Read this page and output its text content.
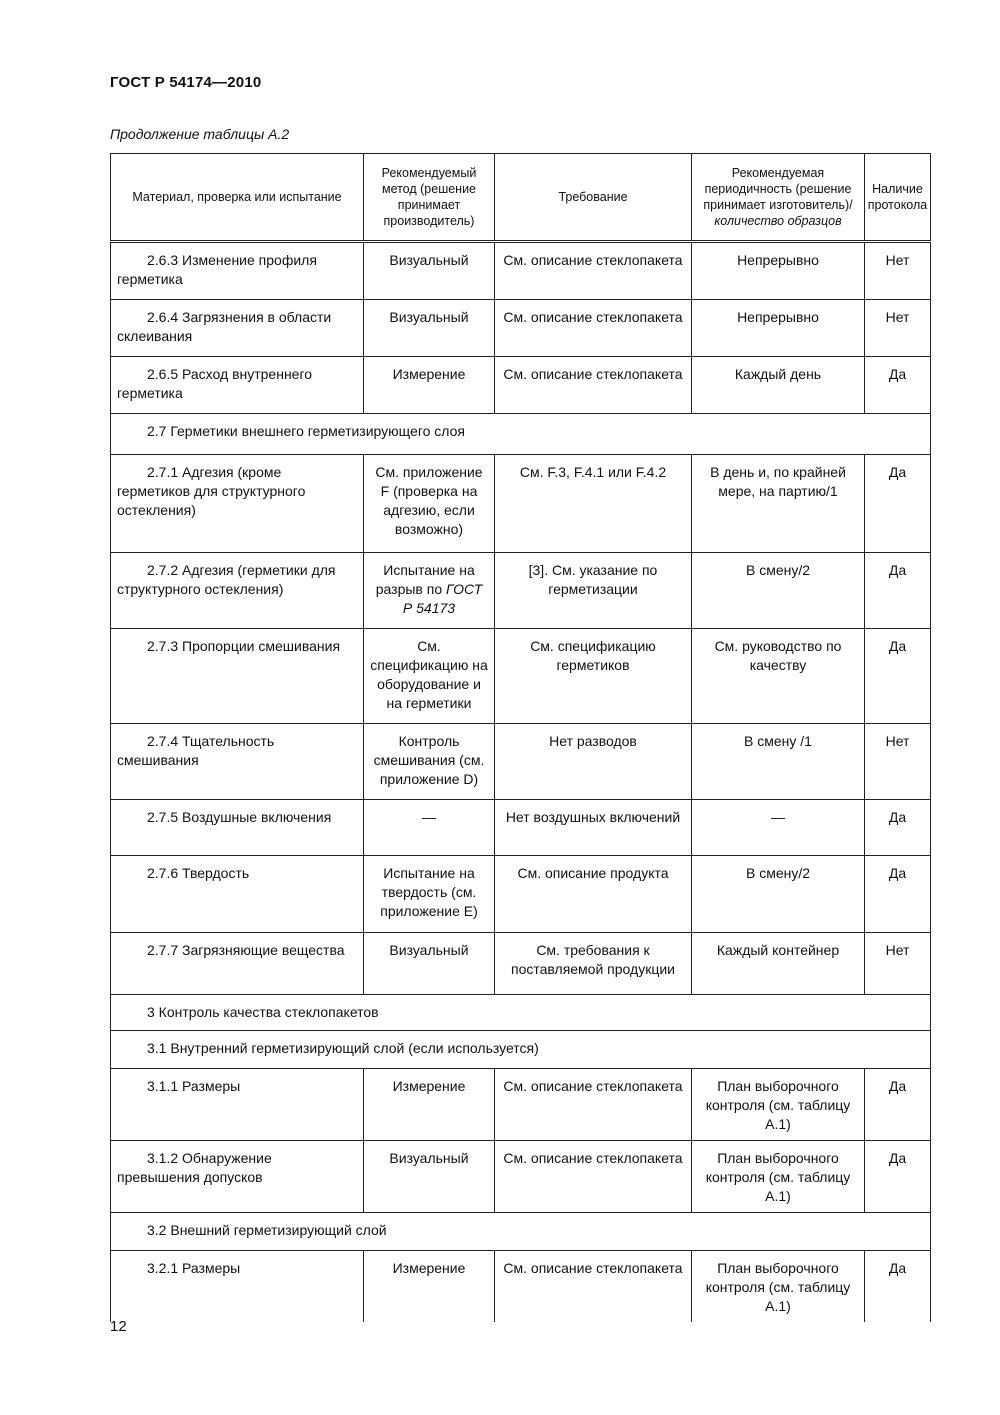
ГОСТ Р 54174—2010
Продолжение таблицы А.2
Материал, проверка или испытание	Рекомендуемый метод (решение принимает производитель)	Требование	Рекомендуемая периодичность (решение принимает изготовитель)/количество образцов	Наличие протокола

2.6.3 Изменение профиля герметика	Визуальный	См. описание стеклопакета	Непрерывно	Нет

2.6.4 Загрязнения в области склеивания	Визуальный	См. описание стеклопакета	Непрерывно	Нет

2.6.5 Расход внутреннего герметика	Измерение	См. описание стеклопакета	Каждый день	Да

2.7 Герметики внешнего герметизирующего слоя				

2.7.1 Адгезия (кроме герметиков для структурного остекления)	См. приложение F (проверка на адгезию, если возможно)	См. F.3, F.4.1 или F.4.2	В день и, по крайней мере, на партию/1	Да

2.7.2 Адгезия (герметики для структурного остекления)	Испытание на разрыв по ГОСТ Р 54173	[3]. См. указание по герметизации	В смену/2	Да

2.7.3 Пропорции смешивания	См. спецификацию на оборудование и на герметики	См. спецификацию герметиков	См. руководство по качеству	Да

2.7.4 Тщательность смешивания	Контроль смешивания (см. приложение D)	Нет разводов	В смену /1	Нет

2.7.5 Воздушные включения	—	Нет воздушных включений	—	Да

2.7.6 Твердость	Испытание на твердость (см. приложение E)	См. описание продукта	В смену/2	Да

2.7.7 Загрязняющие вещества	Визуальный	См. требования к поставляемой продукции	Каждый контейнер	Нет

3 Контроль качества стеклопакетов				

3.1 Внутренний герметизирующий слой (если используется)				

3.1.1 Размеры	Измерение	См. описание стеклопакета	План выборочного контроля (см. таблицу А.1)	Да

3.1.2 Обнаружение превышения допусков	Визуальный	См. описание стеклопакета	План выборочного контроля (см. таблицу А.1)	Да

3.2 Внешний герметизирующий слой				

3.2.1 Размеры	Измерение	См. описание стеклопакета	План выборочного контроля (см. таблицу А.1)	Да
12
